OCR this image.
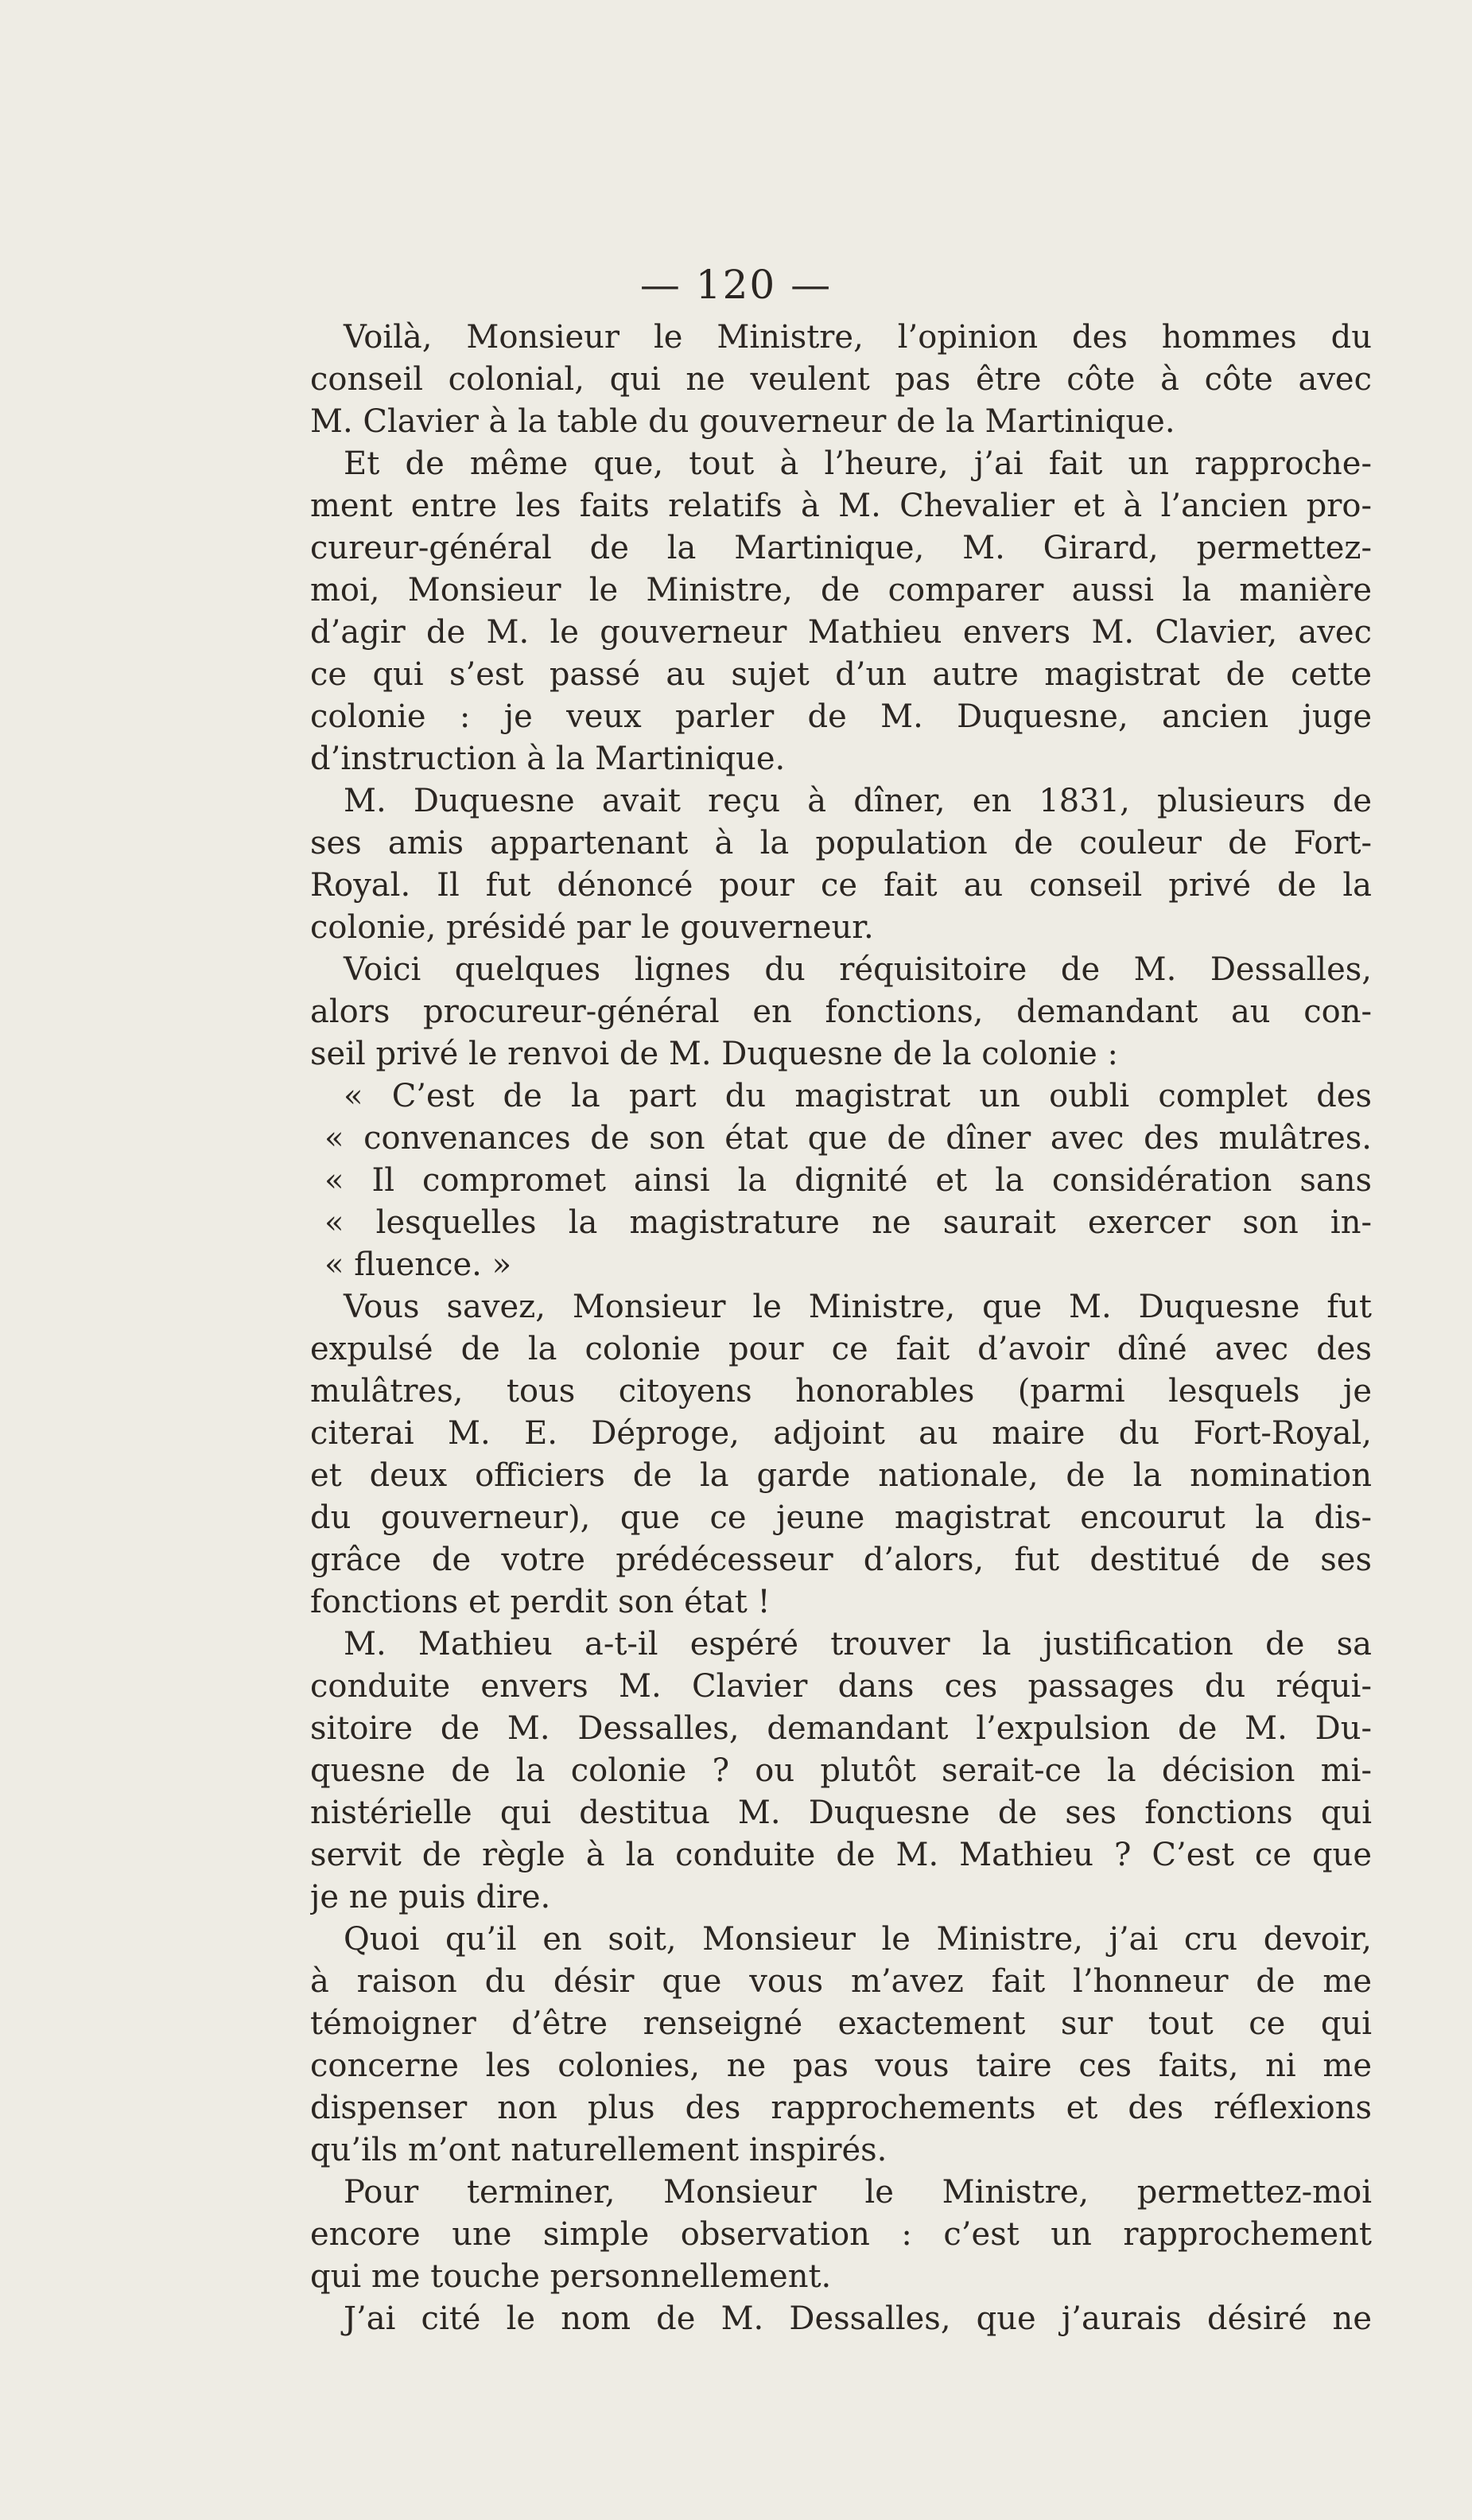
— 120 —
Voilà, Monsieur le Ministre, l’opinion des hommes du
conseil colonial, qui ne veulent pas être côte à côte avec
M. Clavier à la table du gouverneur de la Martinique.
Et de même que, tout à l’heure, j’ai fait un rapproche-
ment entre les faits relatifs à M. Chevalier et à l’ancien pro-
cureur-général de la Martinique, M. Girard, permettez-
moi, Monsieur le Ministre, de comparer aussi la manière
d’agir de M. le gouverneur Mathieu envers M. Clavier, avec
ce qui s’est passé au sujet d’un autre magistrat de cette
colonie : je veux parler de M. Duquesne, ancien juge
d’instruction à la Martinique.
M. Duquesne avait reçu à dîner, en 1831, plusieurs de
ses amis appartenant à la population de couleur de Fort-
Royal. Il fut dénoncé pour ce fait au conseil privé de la
colonie, présidé par le gouverneur.
Voici quelques lignes du réquisitoire de M. Dessalles,
alors procureur-général en fonctions, demandant au con-
seil privé le renvoi de M. Duquesne de la colonie :
« C’est de la part du magistrat un oubli complet des
« convenances de son état que de dîner avec des mulâtres.
« Il compromet ainsi la dignité et la considération sans
« lesquelles la magistrature ne saurait exercer son in-
« fluence. »
Vous savez, Monsieur le Ministre, que M. Duquesne fut
expulsé de la colonie pour ce fait d’avoir dîné avec des
mulâtres, tous citoyens honorables (parmi lesquels je
citerai M. E. Déproge, adjoint au maire du Fort-Royal,
et deux officiers de la garde nationale, de la nomination
du gouverneur), que ce jeune magistrat encourut la dis-
grâce de votre prédécesseur d’alors, fut destitué de ses
fonctions et perdit son état !
M. Mathieu a-t-il espéré trouver la justification de sa
conduite envers M. Clavier dans ces passages du réqui-
sitoire de M. Dessalles, demandant l’expulsion de M. Du-
quesne de la colonie ? ou plutôt serait-ce la décision mi-
nistérielle qui destitua M. Duquesne de ses fonctions qui
servit de règle à la conduite de M. Mathieu ? C’est ce que
je ne puis dire.
Quoi qu’il en soit, Monsieur le Ministre, j’ai cru devoir,
à raison du désir que vous m’avez fait l’honneur de me
témoigner d’être renseigné exactement sur tout ce qui
concerne les colonies, ne pas vous taire ces faits, ni me
dispenser non plus des rapprochements et des réflexions
qu’ils m’ont naturellement inspirés.
Pour terminer, Monsieur le Ministre, permettez-moi
encore une simple observation : c’est un rapprochement
qui me touche personnellement.
J’ai cité le nom de M. Dessalles, que j’aurais désiré ne
